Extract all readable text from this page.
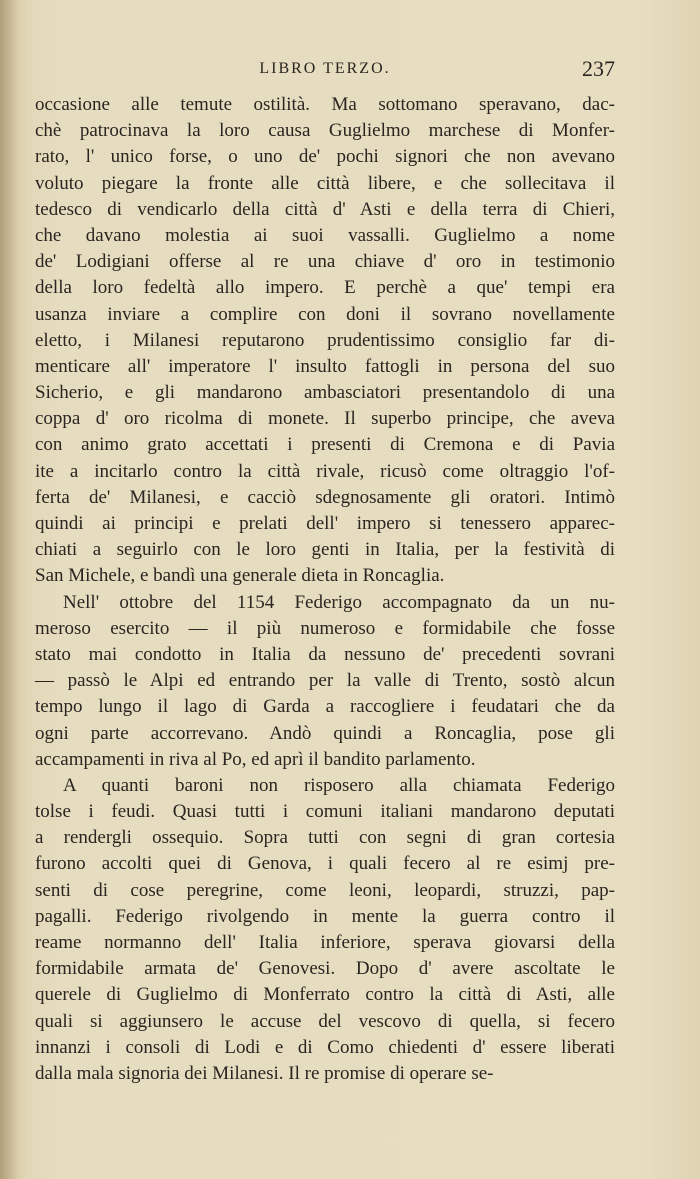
LIBRO TERZO.	237
occasione alle temute ostilità. Ma sottomano speravano, dac-
chè patrocinava la loro causa Guglielmo marchese di Monfer-
rato, l' unico forse, o uno de' pochi signori che non avevano
voluto piegare la fronte alle città libere, e che sollecitava il
tedesco di vendicarlo della città d' Asti e della terra di Chieri,
che davano molestia ai suoi vassalli. Guglielmo a nome
de' Lodigiani offerse al re una chiave d' oro in testimonio
della loro fedeltà allo impero. E perchè a que' tempi era
usanza inviare a complire con doni il sovrano novellamente
eletto, i Milanesi reputarono prudentissimo consiglio far di-
menticare all' imperatore l' insulto fattogli in persona del suo
Sicherio, e gli mandarono ambasciatori presentandolo di una
coppa d' oro ricolma di monete. Il superbo principe, che aveva
con animo grato accettati i presenti di Cremona e di Pavia
ite a incitarlo contro la città rivale, ricusò come oltraggio l'of-
ferta de' Milanesi, e cacciò sdegnosamente gli oratori. Intimò
quindi ai principi e prelati dell' impero si tenessero apparec-
chiati a seguirlo con le loro genti in Italia, per la festività di
San Michele, e bandì una generale dieta in Roncaglia.
Nell' ottobre del 1154 Federigo accompagnato da un nu-
meroso esercito — il più numeroso e formidabile che fosse
stato mai condotto in Italia da nessuno de' precedenti sovrani
— passò le Alpi ed entrando per la valle di Trento, sostò alcun
tempo lungo il lago di Garda a raccogliere i feudatari che da
ogni parte accorrevano. Andò quindi a Roncaglia, pose gli
accampamenti in riva al Po, ed aprì il bandito parlamento.
A quanti baroni non risposero alla chiamata Federigo
tolse i feudi. Quasi tutti i comuni italiani mandarono deputati
a rendergli ossequio. Sopra tutti con segni di gran cortesia
furono accolti quei di Genova, i quali fecero al re esimj pre-
senti di cose peregrine, come leoni, leopardi, struzzi, pap-
pagalli. Federigo rivolgendo in mente la guerra contro il
reame normanno dell' Italia inferiore, sperava giovarsi della
formidabile armata de' Genovesi. Dopo d' avere ascoltate le
querele di Guglielmo di Monferrato contro la città di Asti, alle
quali si aggiunsero le accuse del vescovo di quella, si fecero
innanzi i consoli di Lodi e di Como chiedenti d' essere liberati
dalla mala signoria dei Milanesi. Il re promise di operare se-
